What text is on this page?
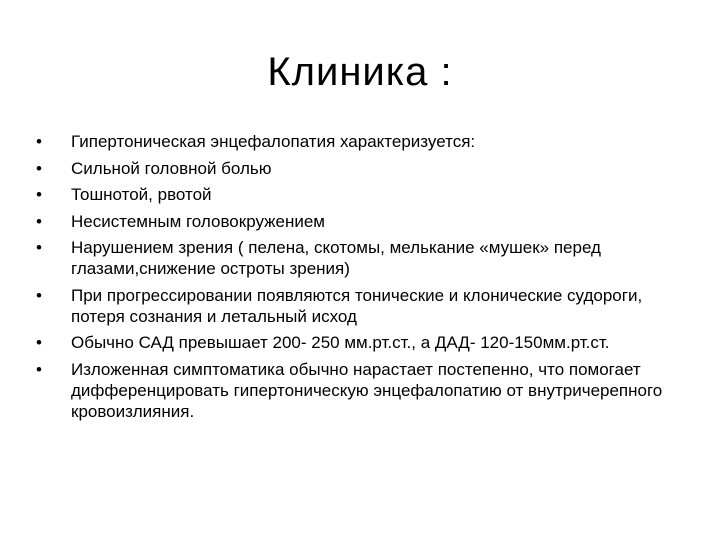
Клиника :
•	Гипертоническая энцефалопатия характеризуется:
•	Сильной головной болью
•	Тошнотой, рвотой
•	Несистемным головокружением
•	Нарушением зрения ( пелена, скотомы, мелькание «мушек» перед глазами,снижение остроты зрения)
•	При прогрессировании появляются тонические и клонические судороги, потеря сознания и летальный исход
•	Обычно САД превышает 200- 250 мм.рт.ст., а ДАД- 120-150мм.рт.ст.
•	Изложенная симптоматика обычно нарастает постепенно, что помогает дифференцировать гипертоническую энцефалопатию от внутричерепного кровоизлияния.
